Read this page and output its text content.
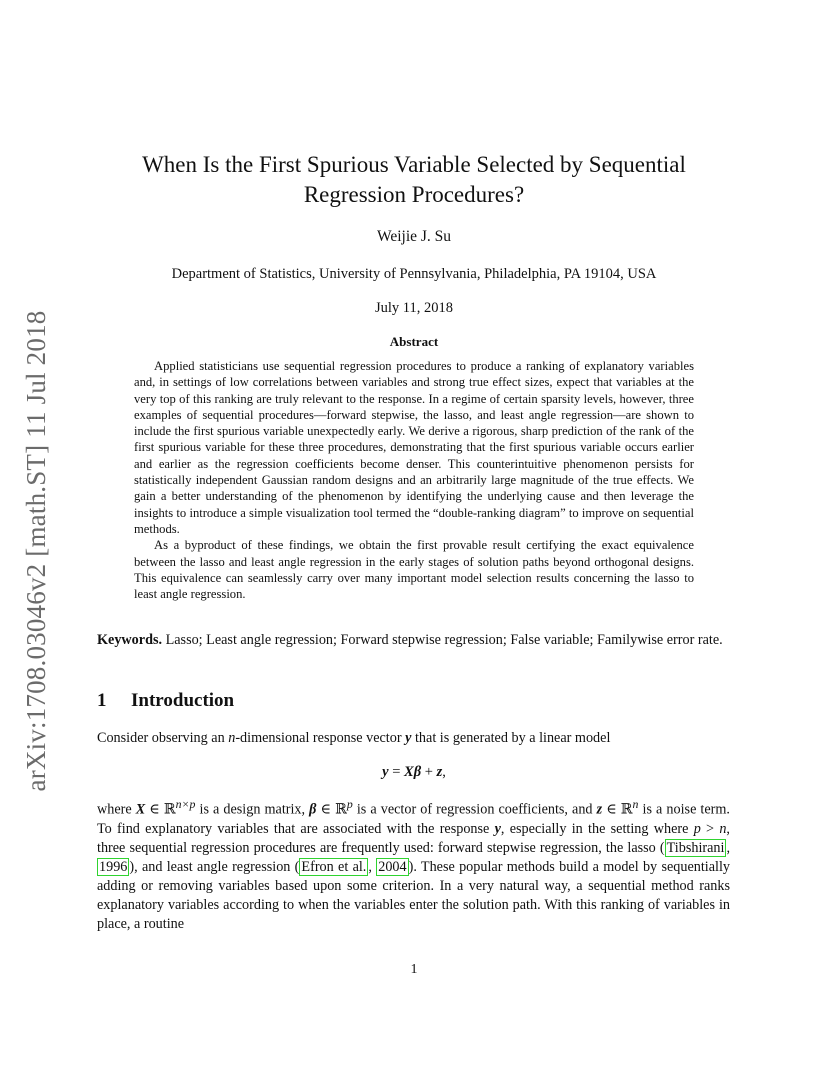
arXiv:1708.03046v2 [math.ST] 11 Jul 2018
When Is the First Spurious Variable Selected by Sequential
Regression Procedures?
Weijie J. Su
Department of Statistics, University of Pennsylvania, Philadelphia, PA 19104, USA
July 11, 2018
Abstract

Applied statisticians use sequential regression procedures to produce a ranking of explanatory variables and, in settings of low correlations between variables and strong true effect sizes, expect that variables at the very top of this ranking are truly relevant to the response. In a regime of certain sparsity levels, however, three examples of sequential procedures—forward stepwise, the lasso, and least angle regression—are shown to include the first spurious variable unexpectedly early. We derive a rigorous, sharp prediction of the rank of the first spurious variable for these three procedures, demonstrating that the first spurious variable occurs earlier and earlier as the regression coefficients become denser. This counterintuitive phenomenon persists for statistically independent Gaussian random designs and an arbitrarily large magnitude of the true effects. We gain a better understanding of the phenomenon by identifying the underlying cause and then leverage the insights to introduce a simple visualization tool termed the “double-ranking diagram” to improve on sequential methods.

As a byproduct of these findings, we obtain the first provable result certifying the exact equivalence between the lasso and least angle regression in the early stages of solution paths beyond orthogonal designs. This equivalence can seamlessly carry over many important model selection results concerning the lasso to least angle regression.

Keywords. Lasso; Least angle regression; Forward stepwise regression; False variable; Familywise error rate.
1 Introduction
Consider observing an n-dimensional response vector y that is generated by a linear model
y = Xβ + z,
where X ∈ ℝ$^{n\times p}$ is a design matrix, β ∈ ℝ$^p$ is a vector of regression coefficients, and z ∈ ℝ$^n$ is a noise term. To find explanatory variables that are associated with the response y, especially in the setting where p > n, three sequential regression procedures are frequently used: forward stepwise regression, the lasso ( Tibshirani , 1996 ), and least angle regression ( Efron et al. , 2004 ). These popular methods build a model by sequentially adding or removing variables based upon some criterion. In a very natural way, a sequential method ranks explanatory variables according to when the variables enter the solution path. With this ranking of variables in place, a routine
1
